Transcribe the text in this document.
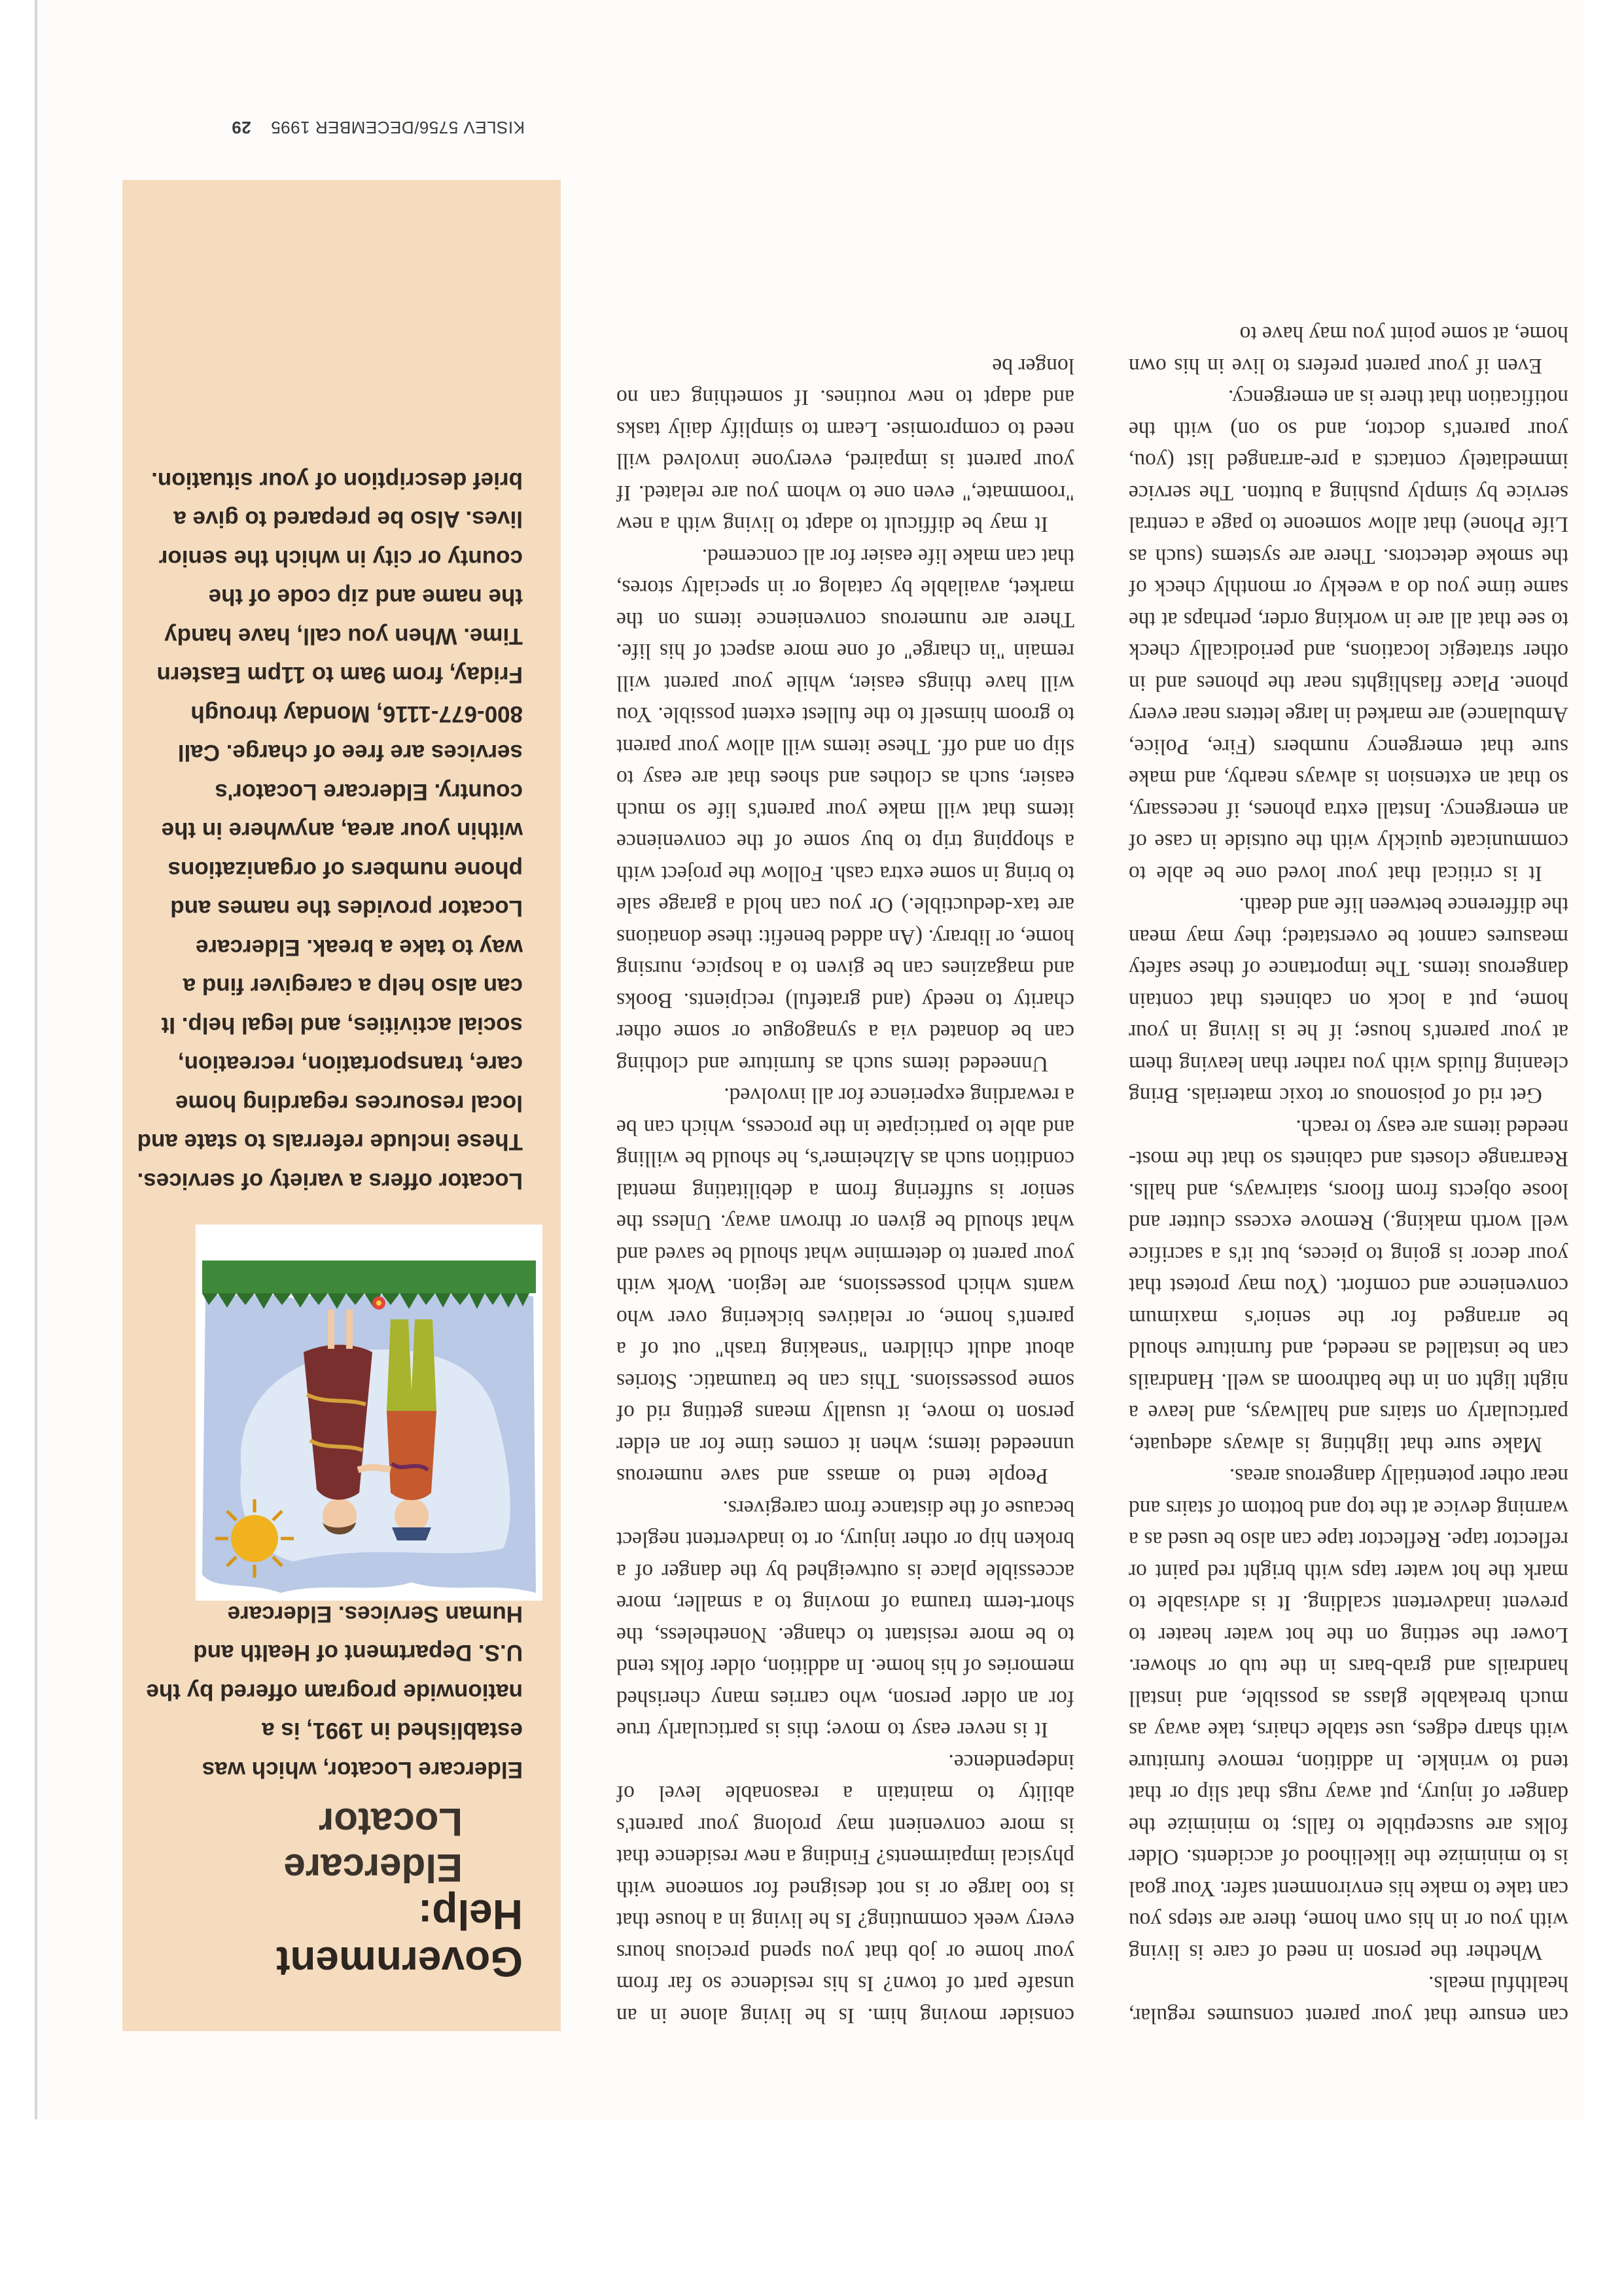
can ensure that your parent consumes regular, healthful meals.

Whether the person in need of care is living with you or in his own home, there are steps you can take to make his environment safer. Your goal is to minimize the likelihood of accidents. Older folks are susceptible to falls; to minimize the danger of injury, put away rugs that slip or that tend to wrinkle. In addition, remove furniture with sharp edges, use stable chairs, take away as much breakable glass as possible, and install handrails and grab-bars in the tub or shower. Lower the setting on the hot water heater to prevent inadvertent scalding. It is advisable to mark the hot water taps with bright red paint or reflector tape. Reflector tape can also be used as a warning device at the top and bottom of stairs and near other potentially dangerous areas.

Make sure that lighting is always adequate, particularly on stairs and hallways, and leave a night light on in the bathroom as well. Handrails can be installed as needed, and furniture should be arranged for the senior's maximum convenience and comfort. (You may protest that your decor is going to pieces, but it's a sacrifice well worth making.) Remove excess clutter and loose objects from floors, stairways, and halls. Rearrange closets and cabinets so that the most-needed items are easy to reach.

Get rid of poisonous or toxic materials. Bring cleaning fluids with you rather than leaving them at your parent's house; if he is living in your home, put a lock on cabinets that contain dangerous items. The importance of these safety measures cannot be overstated; they may mean the difference between life and death.

It is critical that your loved one be able to communicate quickly with the outside in case of an emergency. Install extra phones, if necessary, so that an extension is always nearby, and make sure that emergency numbers (Fire, Police, Ambulance) are marked in large letters near every phone. Place flashlights near the phones and in other strategic locations, and periodically check to see that all are in working order, perhaps at the same time you do a weekly or monthly check of the smoke detectors. There are systems (such as Life Phone) that allow someone to page a central service by simply pushing a button. The service immediately contacts a pre-arranged list (you, your parent's doctor, and so on) with the notification that there is an emergency.

Even if your parent prefers to live in his own home, at some point you may have to

consider moving him. Is he living alone in an unsafe part of town? Is his residence so far from your home or job that you spend precious hours every week commuting? Is he living in a house that is too large or is not designed for someone with physical impairments? Finding a new residence that is more convenient may prolong your parent's ability to maintain a reasonable level of independence.

It is never easy to move; this is particularly true for an older person, who carries many cherished memories of his home. In addition, older folks tend to be more resistant to change. Nonetheless, the short-term trauma of moving to a smaller, more accessible place is outweighed by the danger of a broken hip or other injury, or to inadvertent neglect because of the distance from caregivers.

People tend to amass and save numerous unneeded items; when it comes time for an elder person to move, it usually means getting rid of some possessions. This can be traumatic. Stories about adult children "sneaking trash" out of a parent's home, or relatives bickering over who wants which possessions, are legion. Work with your parent to determine what should be saved and what should be given or thrown away. Unless the senior is suffering from a debilitating mental condition such as Alzheimer's, he should be willing and able to participate in the process, which can be a rewarding experience for all involved.

Unneeded items such as furniture and clothing can be donated via a synagogue or some other charity to needy (and grateful) recipients. Books and magazines can be given to a hospice, nursing home, or library. (An added benefit: these donations are tax-deductible.) Or you can hold a garage sale to bring in some extra cash. Follow the project with a shopping trip to buy some of the convenience items that will make your parent's life so much easier, such as clothes and shoes that are easy to slip on and off. These items will allow your parent to groom himself to the fullest extent possible. You will have things easier, while your parent will remain "in charge" of one more aspect of his life. There are numerous convenience items on the market, available by catalog or in specialty stores, that can make life easier for all concerned.

It may be difficult to adapt to living with a new "roommate," even one to whom you are related. If your parent is impaired, everyone involved will need to compromise. Learn to simplify daily tasks and adapt to new routines. If something can no longer be

Government
Help:
Eldercare
Locator

Eldercare Locator, which was established in 1991, is a nationwide program offered by the U.S. Department of Health and Human Services. Eldercare

Locator offers a variety of services. These include referrals to state and local resources regarding home care, transportation, recreation, social activities, and legal help. It can also help a caregiver find a way to take a break. Eldercare Locator provides the names and phone numbers of organizations within your area, anywhere in the country. Eldercare Locator's services are free of charge. Call 800-677-1116, Monday through Friday, from 9am to 11pm Eastern Time. When you call, have handy the name and zip code of the county or city in which the senior lives. Also be prepared to give a brief description of your situation.

KISLEV 5756/DECEMBER 199529
